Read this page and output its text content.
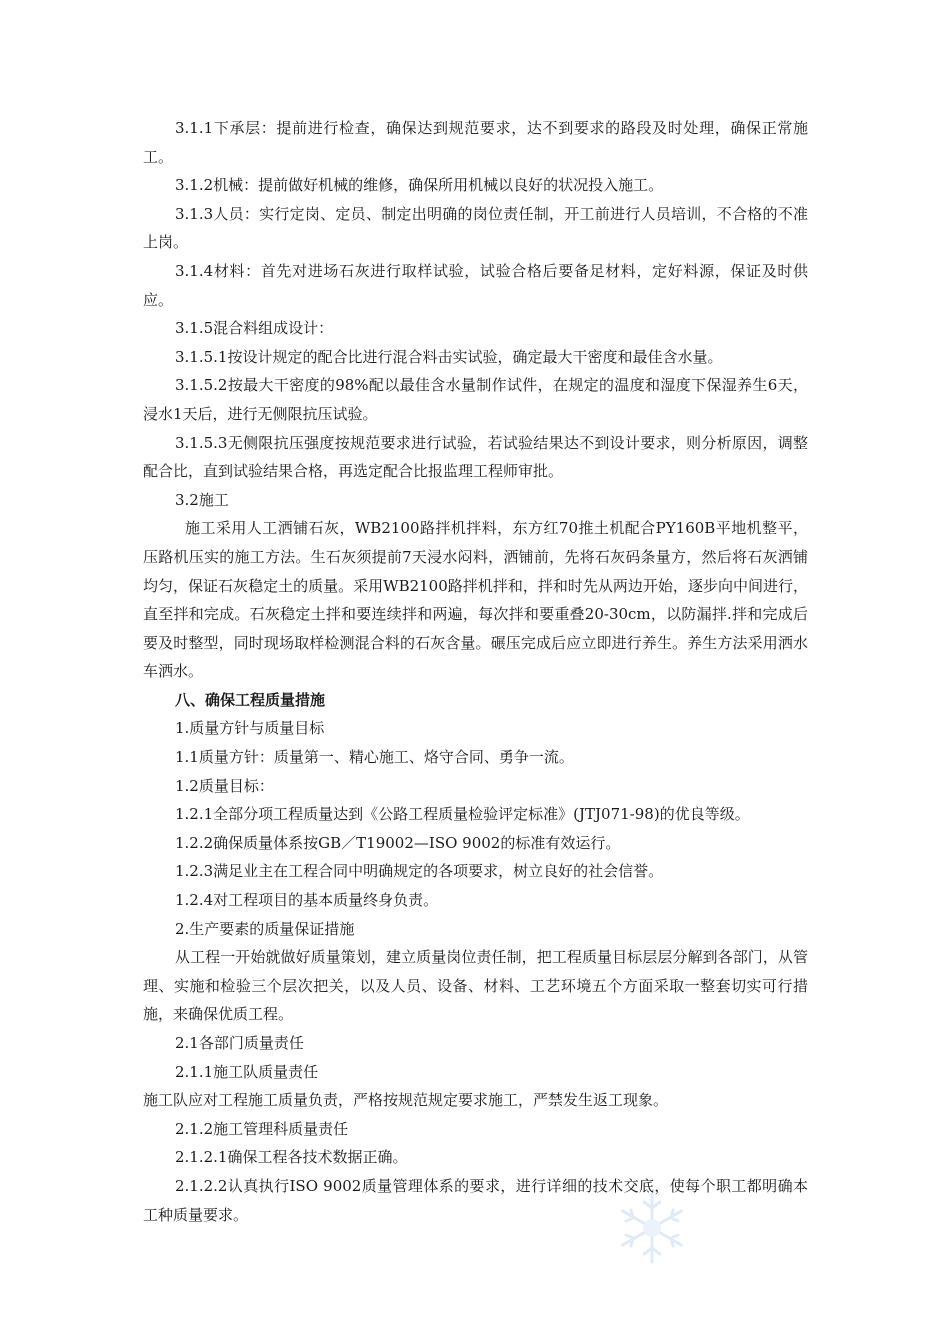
3.1.1下承层：提前进行检查，确保达到规范要求，达不到要求的路段及时处理，确保正常施工。

3.1.2机械：提前做好机械的维修，确保所用机械以良好的状况投入施工。

3.1.3人员：实行定岗、定员、制定出明确的岗位责任制，开工前进行人员培训，不合格的不准上岗。

3.1.4材料：首先对进场石灰进行取样试验，试验合格后要备足材料，定好料源，保证及时供应。

3.1.5混合料组成设计：

3.1.5.1按设计规定的配合比进行混合料击实试验，确定最大干密度和最佳含水量。

3.1.5.2按最大干密度的98%配以最佳含水量制作试件，在规定的温度和湿度下保湿养生6天，浸水1天后，进行无侧限抗压试验。

3.1.5.3无侧限抗压强度按规范要求进行试验，若试验结果达不到设计要求，则分析原因，调整配合比，直到试验结果合格，再选定配合比报监理工程师审批。

3.2施工

施工采用人工洒铺石灰，WB2100路拌机拌料，东方红70推土机配合PY160B平地机整平，压路机压实的施工方法。生石灰须提前7天浸水闷料，洒铺前，先将石灰码条量方，然后将石灰洒铺均匀，保证石灰稳定土的质量。采用WB2100路拌机拌和，拌和时先从两边开始，逐步向中间进行，直至拌和完成。石灰稳定土拌和要连续拌和两遍，每次拌和要重叠20-30cm，以防漏拌.拌和完成后要及时整型，同时现场取样检测混合料的石灰含量。碾压完成后应立即进行养生。养生方法采用洒水车洒水。

八、确保工程质量措施

1.质量方针与质量目标

1.1质量方针：质量第一、精心施工、烙守合同、勇争一流。

1.2质量目标：

1.2.1全部分项工程质量达到《公路工程质量检验评定标准》(JTJ071-98)的优良等级。

1.2.2确保质量体系按GB／T19002—ISO 9002的标准有效运行。

1.2.3满足业主在工程合同中明确规定的各项要求，树立良好的社会信誉。

1.2.4对工程项目的基本质量终身负责。

2.生产要素的质量保证措施

从工程一开始就做好质量策划，建立质量岗位责任制，把工程质量目标层层分解到各部门，从管理、实施和检验三个层次把关，以及人员、设备、材料、工艺环境五个方面采取一整套切实可行措施，来确保优质工程。

2.1各部门质量责任

2.1.1施工队质量责任

施工队应对工程施工质量负责，严格按规范规定要求施工，严禁发生返工现象。

2.1.2施工管理科质量责任

2.1.2.1确保工程各技术数据正确。

2.1.2.2认真执行ISO 9002质量管理体系的要求，进行详细的技术交底，使每个职工都明确本工种质量要求。
